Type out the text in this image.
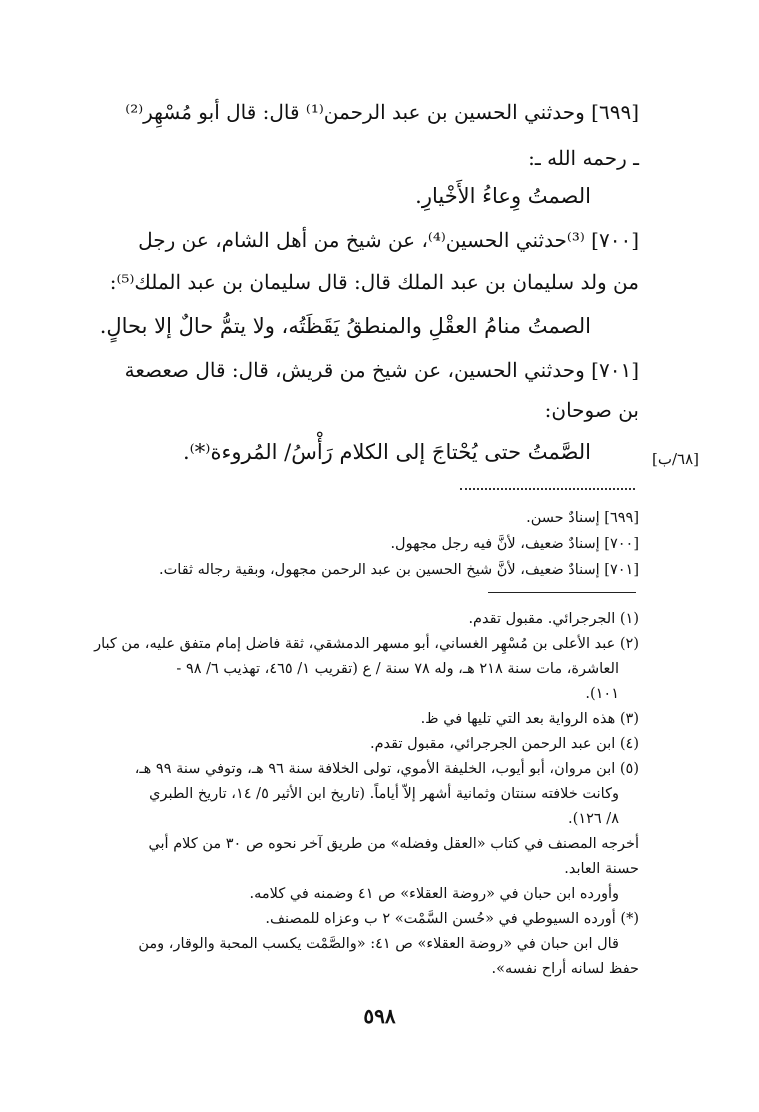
[٦٩٩] وحدثني الحسين بن عبد الرحمن⁽¹⁾ قال: قال أبو مُسْهِر⁽²⁾
ـ رحمه الله ـ:
الصمتُ وِعاءُ الأَخْيارِ.
[٧٠٠] ⁽³⁾حدثني الحسين⁽⁴⁾، عن شيخ من أهل الشام، عن رجل
من ولد سليمان بن عبد الملك قال: قال سليمان بن عبد الملك⁽⁵⁾:
الصمتُ منامُ العقْلِ والمنطقُ يَقَظَتُه، ولا يتمُّ حالٌ إلا بحالٍ.
[٧٠١] وحدثني الحسين، عن شيخ من قريش، قال: قال صعصعة
بن صوحان:
الصَّمتُ حتى يُحْتاجَ إلى الكلام رَأْسُ/ المُروءة⁽*⁾.	[٦٨/ب]
[٦٩٩] إسنادٌ حسن.
[٧٠٠] إسنادٌ ضعيف، لأنَّ فيه رجل مجهول.
[٧٠١] إسنادٌ ضعيف، لأنَّ شيخ الحسين بن عبد الرحمن مجهول، وبقية رجاله ثقات.
(١) الجرجرائي. مقبول تقدم.
(٢) عبد الأعلى بن مُسْهِر الغساني، أبو مسهر الدمشقي، ثقة فاضل إمام متفق عليه، من كبار
العاشرة، مات سنة ٢١٨ هـ، وله ٧٨ سنة / ع (تقريب ١/ ٤٦٥، تهذيب ٦/ ٩٨ -
١٠١).
(٣) هذه الرواية بعد التي تليها في ظ.
(٤) ابن عبد الرحمن الجرجرائي، مقبول تقدم.
(٥) ابن مروان، أبو أيوب، الخليفة الأموي، تولى الخلافة سنة ٩٦ هـ، وتوفي سنة ٩٩ هـ،
وكانت خلافته سنتان وثمانية أشهر إلاّ أياماً. (تاريخ ابن الأثير ٥/ ١٤، تاريخ الطبري
٨/ ١٢٦).
أخرجه المصنف في كتاب «العقل وفضله» من طريق آخر نحوه ص ٣٠ من كلام أبي
حسنة العابد.
وأورده ابن حبان في «روضة العقلاء» ص ٤١ وضمنه في كلامه.
(*) أورده السيوطي في «حُسن السَّمْت» ٢ ب وعزاه للمصنف.
قال ابن حبان في «روضة العقلاء» ص ٤١: «والصَّمْت يكسب المحبة والوقار، ومن
حفظ لسانه أراح نفسه».
٥٩٨
